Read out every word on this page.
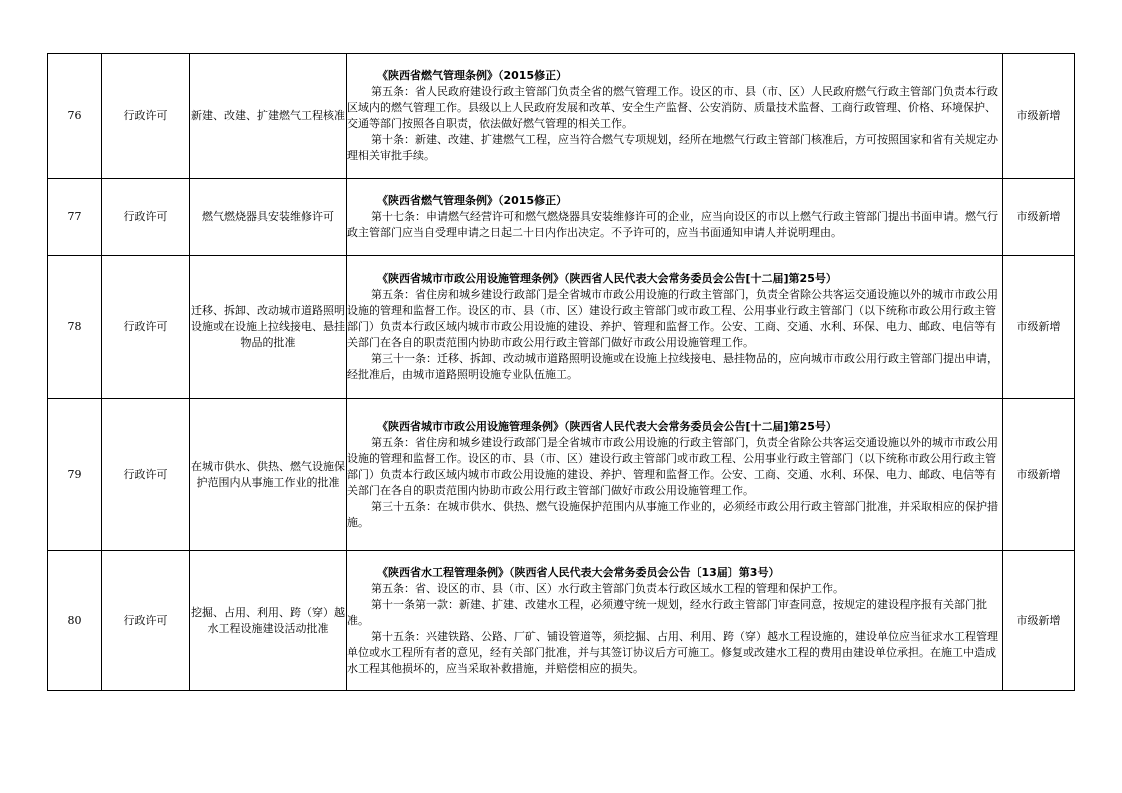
76	行政许可	新建、改建、扩建燃气工程核准	《陕西省燃气管理条例》（2015修正）
第五条：省人民政府建设行政主管部门负责全省的燃气管理工作。设区的市、县（市、区）人民政府燃气行政主管部门负责本行政区域内的燃气管理工作。县级以上人民政府发展和改革、安全生产监督、公安消防、质量技术监督、工商行政管理、价格、环境保护、交通等部门按照各自职责，依法做好燃气管理的相关工作。
第十条：新建、改建、扩建燃气工程，应当符合燃气专项规划，经所在地燃气行政主管部门核准后，方可按照国家和省有关规定办理相关审批手续。	市级新增
77	行政许可	燃气燃烧器具安装维修许可	《陕西省燃气管理条例》（2015修正）
第十七条：申请燃气经营许可和燃气燃烧器具安装维修许可的企业，应当向设区的市以上燃气行政主管部门提出书面申请。燃气行政主管部门应当自受理申请之日起二十日内作出决定。不予许可的，应当书面通知申请人并说明理由。	市级新增
78	行政许可	迁移、拆卸、改动城市道路照明设施或在设施上拉线接电、悬挂物品的批准	《陕西省城市市政公用设施管理条例》（陕西省人民代表大会常务委员会公告[十二届]第25号）
第五条：省住房和城乡建设行政部门是全省城市市政公用设施的行政主管部门，负责全省除公共客运交通设施以外的城市市政公用设施的管理和监督工作。设区的市、县（市、区）建设行政主管部门或市政工程、公用事业行政主管部门（以下统称市政公用行政主管部门）负责本行政区域内城市市政公用设施的建设、养护、管理和监督工作。公安、工商、交通、水利、环保、电力、邮政、电信等有关部门在各自的职责范围内协助市政公用行政主管部门做好市政公用设施管理工作。
第三十一条：迁移、拆卸、改动城市道路照明设施或在设施上拉线接电、悬挂物品的，应向城市市政公用行政主管部门提出申请，经批准后，由城市道路照明设施专业队伍施工。	市级新增
79	行政许可	在城市供水、供热、燃气设施保护范围内从事施工作业的批准	《陕西省城市市政公用设施管理条例》（陕西省人民代表大会常务委员会公告[十二届]第25号）
第五条：省住房和城乡建设行政部门是全省城市市政公用设施的行政主管部门，负责全省除公共客运交通设施以外的城市市政公用设施的管理和监督工作。设区的市、县（市、区）建设行政主管部门或市政工程、公用事业行政主管部门（以下统称市政公用行政主管部门）负责本行政区域内城市市政公用设施的建设、养护、管理和监督工作。公安、工商、交通、水利、环保、电力、邮政、电信等有关部门在各自的职责范围内协助市政公用行政主管部门做好市政公用设施管理工作。
第三十五条：在城市供水、供热、燃气设施保护范围内从事施工作业的，必须经市政公用行政主管部门批准，并采取相应的保护措施。	市级新增
80	行政许可	挖掘、占用、利用、跨（穿）越水工程设施建设活动批准	《陕西省水工程管理条例》（陕西省人民代表大会常务委员会公告〔13届〕第3号）
第五条：省、设区的市、县（市、区）水行政主管部门负责本行政区域水工程的管理和保护工作。
第十一条第一款：新建、扩建、改建水工程，必须遵守统一规划，经水行政主管部门审查同意，按规定的建设程序报有关部门批准。
第十五条：兴建铁路、公路、厂矿、铺设管道等，须挖掘、占用、利用、跨（穿）越水工程设施的，建设单位应当征求水工程管理单位或水工程所有者的意见，经有关部门批准，并与其签订协议后方可施工。修复或改建水工程的费用由建设单位承担。在施工中造成水工程其他损坏的，应当采取补救措施，并赔偿相应的损失。	市级新增
